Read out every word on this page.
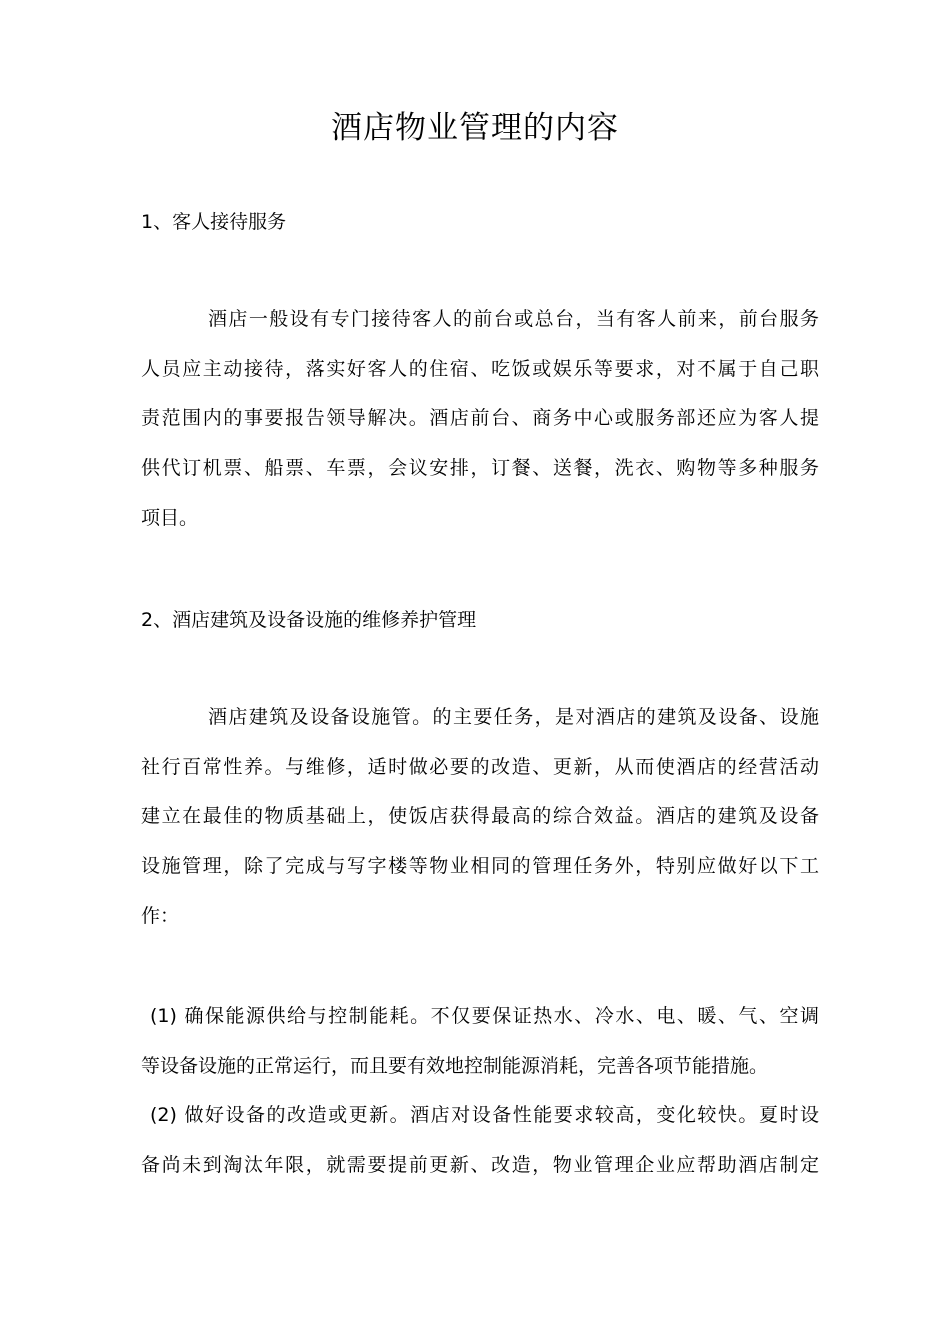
酒店物业管理的内容
1、客人接待服务
酒店一般设有专门接待客人的前台或总台，当有客人前来，前台服务
人员应主动接待，落实好客人的住宿、吃饭或娱乐等要求，对不属于自己职
责范围内的事要报告领导解决。酒店前台、商务中心或服务部还应为客人提
供代订机票、船票、车票，会议安排，订餐、送餐，洗衣、购物等多种服务
项目。
2、酒店建筑及设备设施的维修养护管理
酒店建筑及设备设施管。的主要任务，是对酒店的建筑及设备、设施
社行百常性养。与维修，适时做必要的改造、更新，从而使酒店的经营活动
建立在最佳的物质基础上，使饭店获得最高的综合效益。酒店的建筑及设备
设施管理，除了完成与写字楼等物业相同的管理任务外，特别应做好以下工
作：
(1) 确保能源供给与控制能耗。不仅要保证热水、冷水、电、暖、气、空调
等设备设施的正常运行，而且要有效地控制能源消耗，完善各项节能措施。
(2) 做好设备的改造或更新。酒店对设备性能要求较高，变化较快。夏时设
备尚未到淘汰年限，就需要提前更新、改造，物业管理企业应帮助酒店制定
